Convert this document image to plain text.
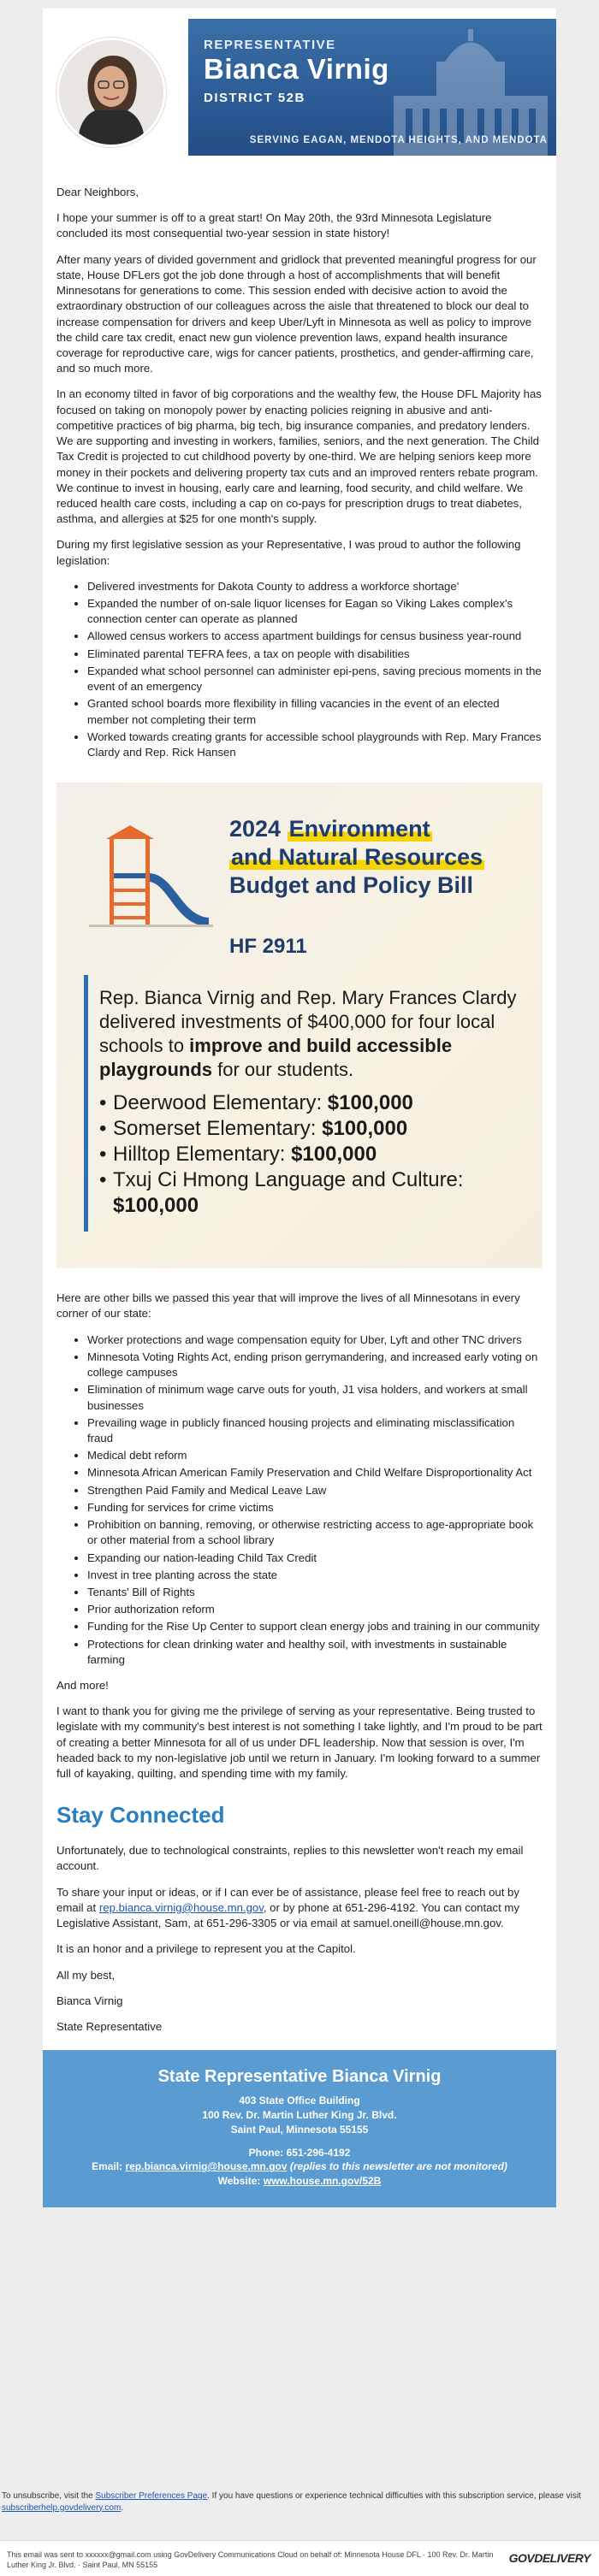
REPRESENTATIVE
Bianca Virnig
DISTRICT 52B
SERVING EAGAN, MENDOTA HEIGHTS, AND MENDOTA

Dear Neighbors,

I hope your summer is off to a great start! On May 20th, the 93rd Minnesota Legislature concluded its most consequential two-year session in state history!

After many years of divided government and gridlock that prevented meaningful progress for our state, House DFLers got the job done through a host of accomplishments that will benefit Minnesotans for generations to come. This session ended with decisive action to avoid the extraordinary obstruction of our colleagues across the aisle that threatened to block our deal to increase compensation for drivers and keep Uber/Lyft in Minnesota as well as policy to improve the child care tax credit, enact new gun violence prevention laws, expand health insurance coverage for reproductive care, wigs for cancer patients, prosthetics, and gender-affirming care, and so much more.

In an economy tilted in favor of big corporations and the wealthy few, the House DFL Majority has focused on taking on monopoly power by enacting policies reigning in abusive and anti-competitive practices of big pharma, big tech, big insurance companies, and predatory lenders. We are supporting and investing in workers, families, seniors, and the next generation. The Child Tax Credit is projected to cut childhood poverty by one-third. We are helping seniors keep more money in their pockets and delivering property tax cuts and an improved renters rebate program. We continue to invest in housing, early care and learning, food security, and child welfare. We reduced health care costs, including a cap on co-pays for prescription drugs to treat diabetes, asthma, and allergies at $25 for one month's supply.

During my first legislative session as your Representative, I was proud to author the following legislation:

• Delivered investments for Dakota County to address a workforce shortage'
• Expanded the number of on-sale liquor licenses for Eagan so Viking Lakes complex's connection center can operate as planned
• Allowed census workers to access apartment buildings for census business year-round
• Eliminated parental TEFRA fees, a tax on people with disabilities
• Expanded what school personnel can administer epi-pens, saving precious moments in the event of an emergency
• Granted school boards more flexibility in filling vacancies in the event of an elected member not completing their term
• Worked towards creating grants for accessible school playgrounds with Rep. Mary Frances Clardy and Rep. Rick Hansen
2024 Environment
and Natural Resources
Budget and Policy Bill
HF 2911
Rep. Bianca Virnig and Rep. Mary Frances Clardy delivered investments of $400,000 for four local schools to improve and build accessible playgrounds for our students.
• Deerwood Elementary: $100,000
• Somerset Elementary: $100,000
• Hilltop Elementary: $100,000
• Txuj Ci Hmong Language and Culture: $100,000

Here are other bills we passed this year that will improve the lives of all Minnesotans in every corner of our state:

• Worker protections and wage compensation equity for Uber, Lyft and other TNC drivers
• Minnesota Voting Rights Act, ending prison gerrymandering, and increased early voting on college campuses
• Elimination of minimum wage carve outs for youth, J1 visa holders, and workers at small businesses
• Prevailing wage in publicly financed housing projects and eliminating misclassification fraud
• Medical debt reform
• Minnesota African American Family Preservation and Child Welfare Disproportionality Act
• Strengthen Paid Family and Medical Leave Law
• Funding for services for crime victims
• Prohibition on banning, removing, or otherwise restricting access to age-appropriate book or other material from a school library
• Expanding our nation-leading Child Tax Credit
• Invest in tree planting across the state
• Tenants' Bill of Rights
• Prior authorization reform
• Funding for the Rise Up Center to support clean energy jobs and training in our community
• Protections for clean drinking water and healthy soil, with investments in sustainable farming

And more!

I want to thank you for giving me the privilege of serving as your representative. Being trusted to legislate with my community's best interest is not something I take lightly, and I'm proud to be part of creating a better Minnesota for all of us under DFL leadership. Now that session is over, I'm headed back to my non-legislative job until we return in January. I'm looking forward to a summer full of kayaking, quilting, and spending time with my family.

Stay Connected

Unfortunately, due to technological constraints, replies to this newsletter won't reach my email account.

To share your input or ideas, or if I can ever be of assistance, please feel free to reach out by email at rep.bianca.virnig@house.mn.gov, or by phone at 651-296-4192. You can contact my Legislative Assistant, Sam, at 651-296-3305 or via email at samuel.oneill@house.mn.gov.

It is an honor and a privilege to represent you at the Capitol.

All my best,

Bianca Virnig

State Representative

State Representative Bianca Virnig
403 State Office Building
100 Rev. Dr. Martin Luther King Jr. Blvd.
Saint Paul, Minnesota 55155
Phone: 651-296-4192
Email: rep.bianca.virnig@house.mn.gov (replies to this newsletter are not monitored)
Website: www.house.mn.gov/52B
To unsubscribe, visit the Subscriber Preferences Page. If you have questions or experience technical difficulties with this subscription service, please visit subscriberhelp.govdelivery.com.
This email was sent to xxxxxx@gmail.com using GovDelivery Communications Cloud on behalf of: Minnesota House DFL · 100 Rev. Dr. Martin Luther King Jr. Blvd. · Saint Paul, MN 55155
GOVDELIVERY
